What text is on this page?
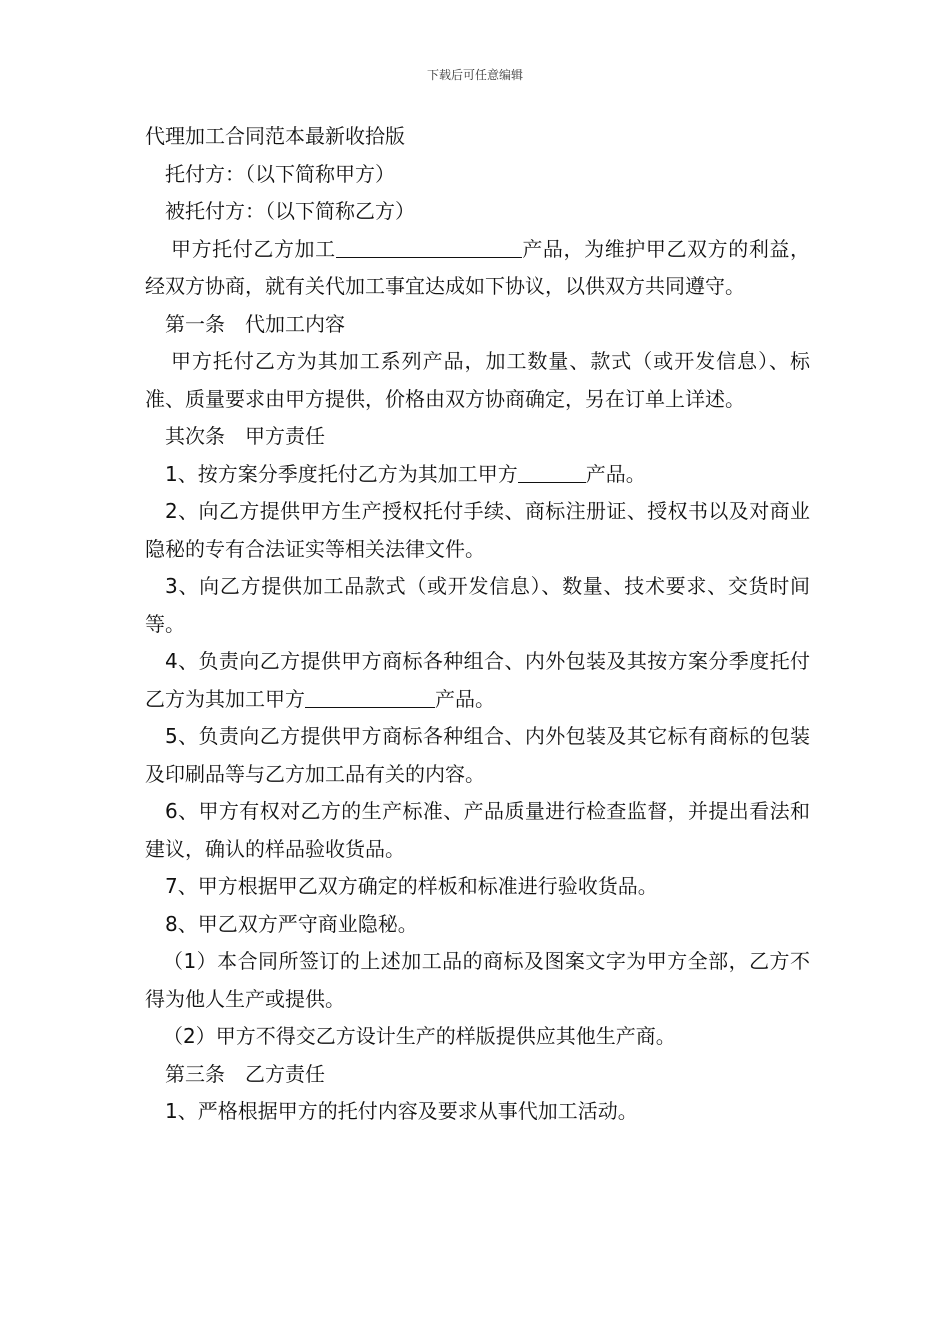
下载后可任意编辑

代理加工合同范本最新收拾版

托付方：（以下简称甲方）

被托付方：（以下简称乙方）

甲方托付乙方加工	产品，为维护甲乙双方的利益，经双方协商，就有关代加工事宜达成如下协议，以供双方共同遵守。

第一条　代加工内容

甲方托付乙方为其加工系列产品，加工数量、款式（或开发信息）、标准、质量要求由甲方提供，价格由双方协商确定，另在订单上详述。

其次条　甲方责任

1、按方案分季度托付乙方为其加工甲方	产品。

2、向乙方提供甲方生产授权托付手续、商标注册证、授权书以及对商业隐秘的专有合法证实等相关法律文件。

3、向乙方提供加工品款式（或开发信息）、数量、技术要求、交货时间等。

4、负责向乙方提供甲方商标各种组合、内外包装及其按方案分季度托付乙方为其加工甲方	产品。

5、负责向乙方提供甲方商标各种组合、内外包装及其它标有商标的包装及印刷品等与乙方加工品有关的内容。

6、甲方有权对乙方的生产标准、产品质量进行检查监督，并提出看法和建议，确认的样品验收货品。

7、甲方根据甲乙双方确定的样板和标准进行验收货品。

8、甲乙双方严守商业隐秘。

（1）本合同所签订的上述加工品的商标及图案文字为甲方全部，乙方不得为他人生产或提供。

（2）甲方不得交乙方设计生产的样版提供应其他生产商。

第三条　乙方责任

1、严格根据甲方的托付内容及要求从事代加工活动。
